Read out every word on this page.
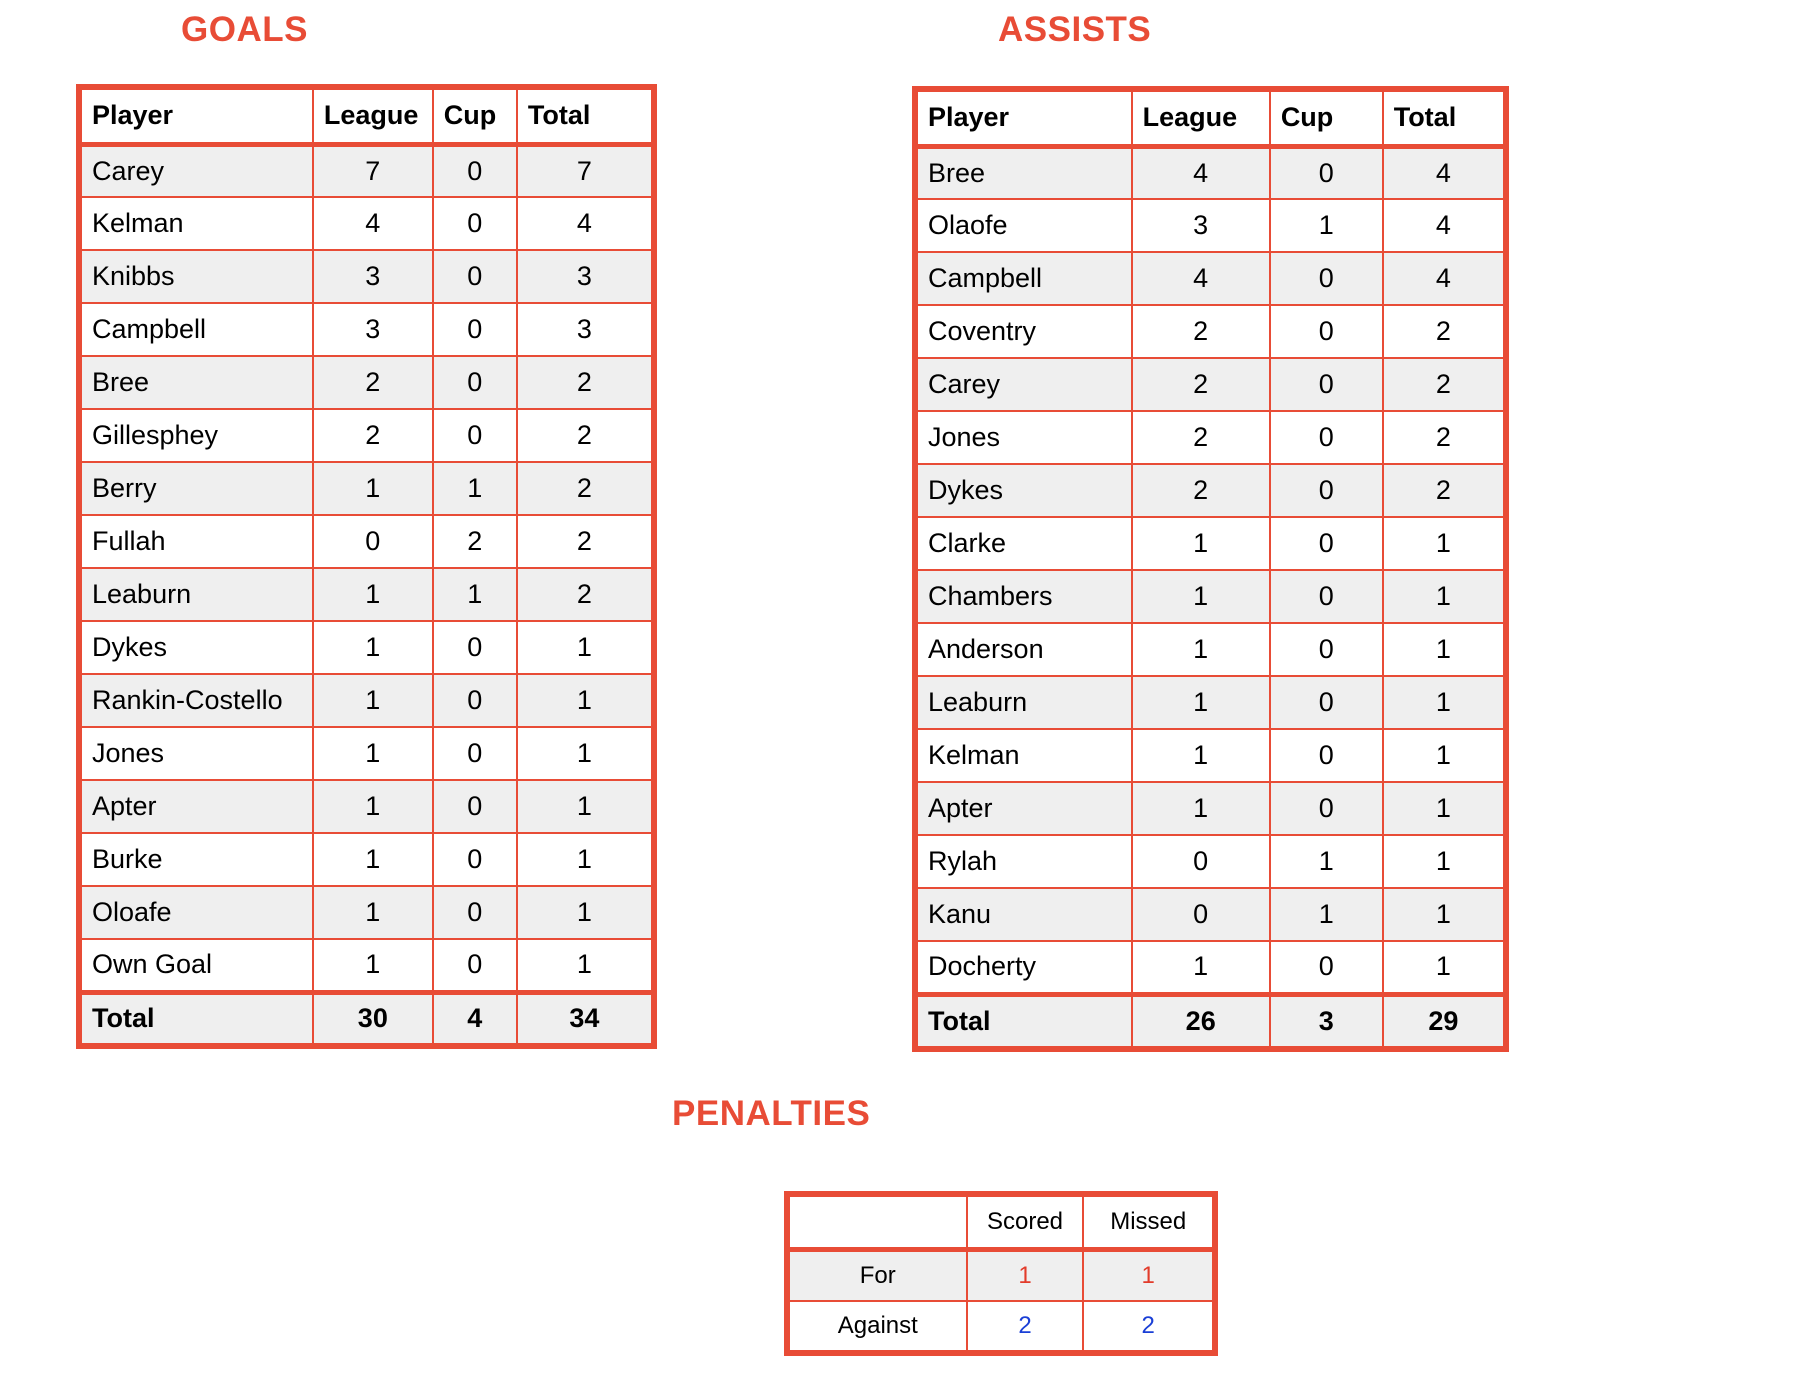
GOALS	ASSISTS
PENALTIES
Player	League	Cup	Total
Carey	7	0	7
Kelman	4	0	4
Knibbs	3	0	3
Campbell	3	0	3
Bree	2	0	2
Gillesphey	2	0	2
Berry	1	1	2
Fullah	0	2	2
Leaburn	1	1	2
Dykes	1	0	1
Rankin-Costello	1	0	1
Jones	1	0	1
Apter	1	0	1
Burke	1	0	1
Oloafe	1	0	1
Own Goal	1	0	1
Total	30	4	34
Player	League	Cup	Total
Bree	4	0	4
Olaofe	3	1	4
Campbell	4	0	4
Coventry	2	0	2
Carey	2	0	2
Jones	2	0	2
Dykes	2	0	2
Clarke	1	0	1
Chambers	1	0	1
Anderson	1	0	1
Leaburn	1	0	1
Kelman	1	0	1
Apter	1	0	1
Rylah	0	1	1
Kanu	0	1	1
Docherty	1	0	1
Total	26	3	29
	Scored	Missed
For	1	1
Against	2	2
